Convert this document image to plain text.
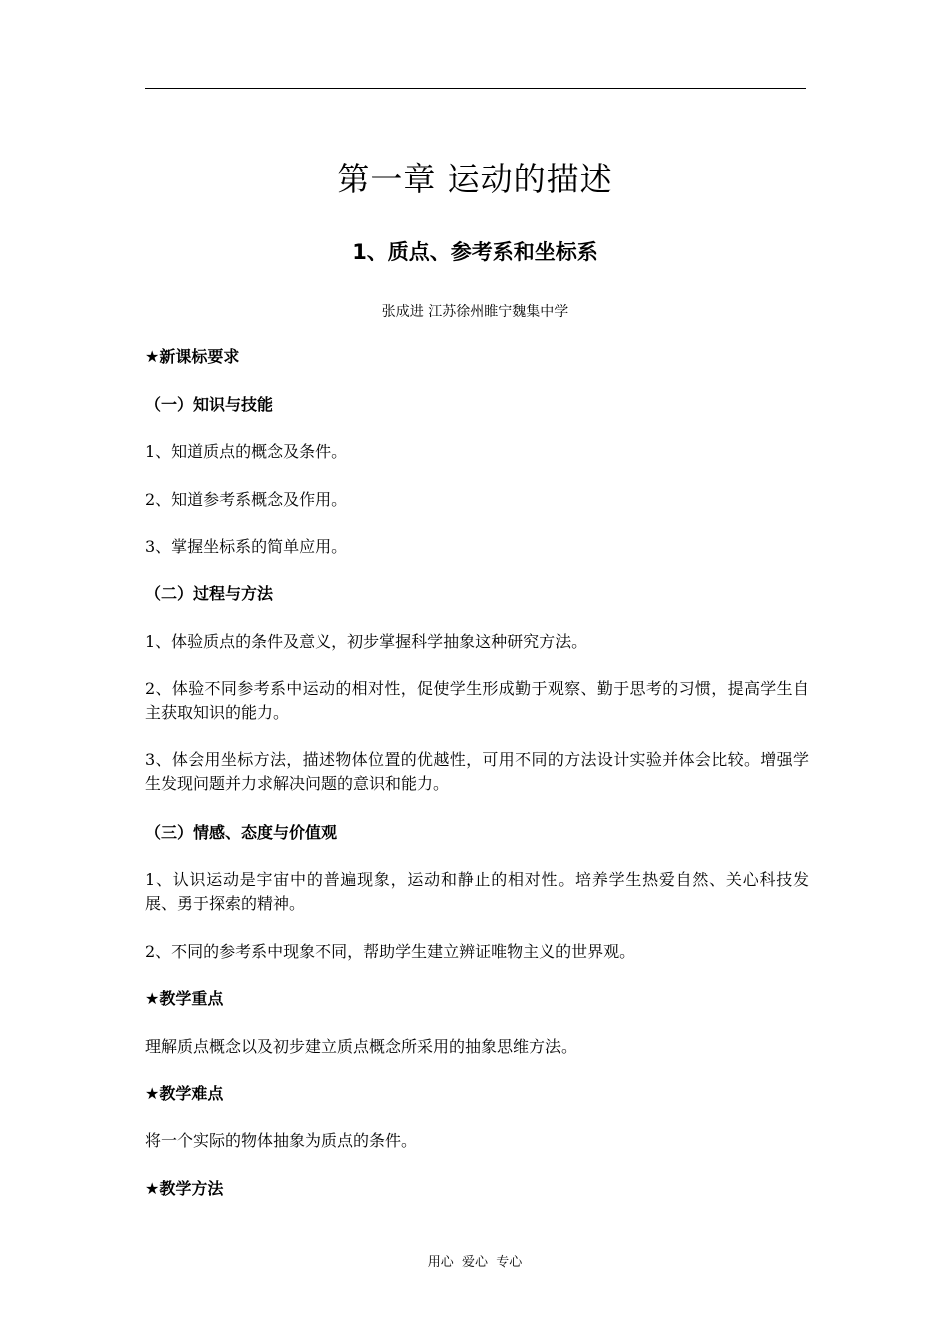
第一章 运动的描述
1、质点、参考系和坐标系
张成进 江苏徐州睢宁魏集中学
★新课标要求
（一）知识与技能
1、知道质点的概念及条件。
2、知道参考系概念及作用。
3、掌握坐标系的简单应用。
（二）过程与方法
1、体验质点的条件及意义，初步掌握科学抽象这种研究方法。
2、体验不同参考系中运动的相对性，促使学生形成勤于观察、勤于思考的习惯，提高学生自主获取知识的能力。
3、体会用坐标方法，描述物体位置的优越性，可用不同的方法设计实验并体会比较。增强学生发现问题并力求解决问题的意识和能力。
（三）情感、态度与价值观
1、认识运动是宇宙中的普遍现象，运动和静止的相对性。培养学生热爱自然、关心科技发展、勇于探索的精神。
2、不同的参考系中现象不同，帮助学生建立辨证唯物主义的世界观。
★教学重点
理解质点概念以及初步建立质点概念所采用的抽象思维方法。
★教学难点
将一个实际的物体抽象为质点的条件。
★教学方法
用心  爱心  专心
